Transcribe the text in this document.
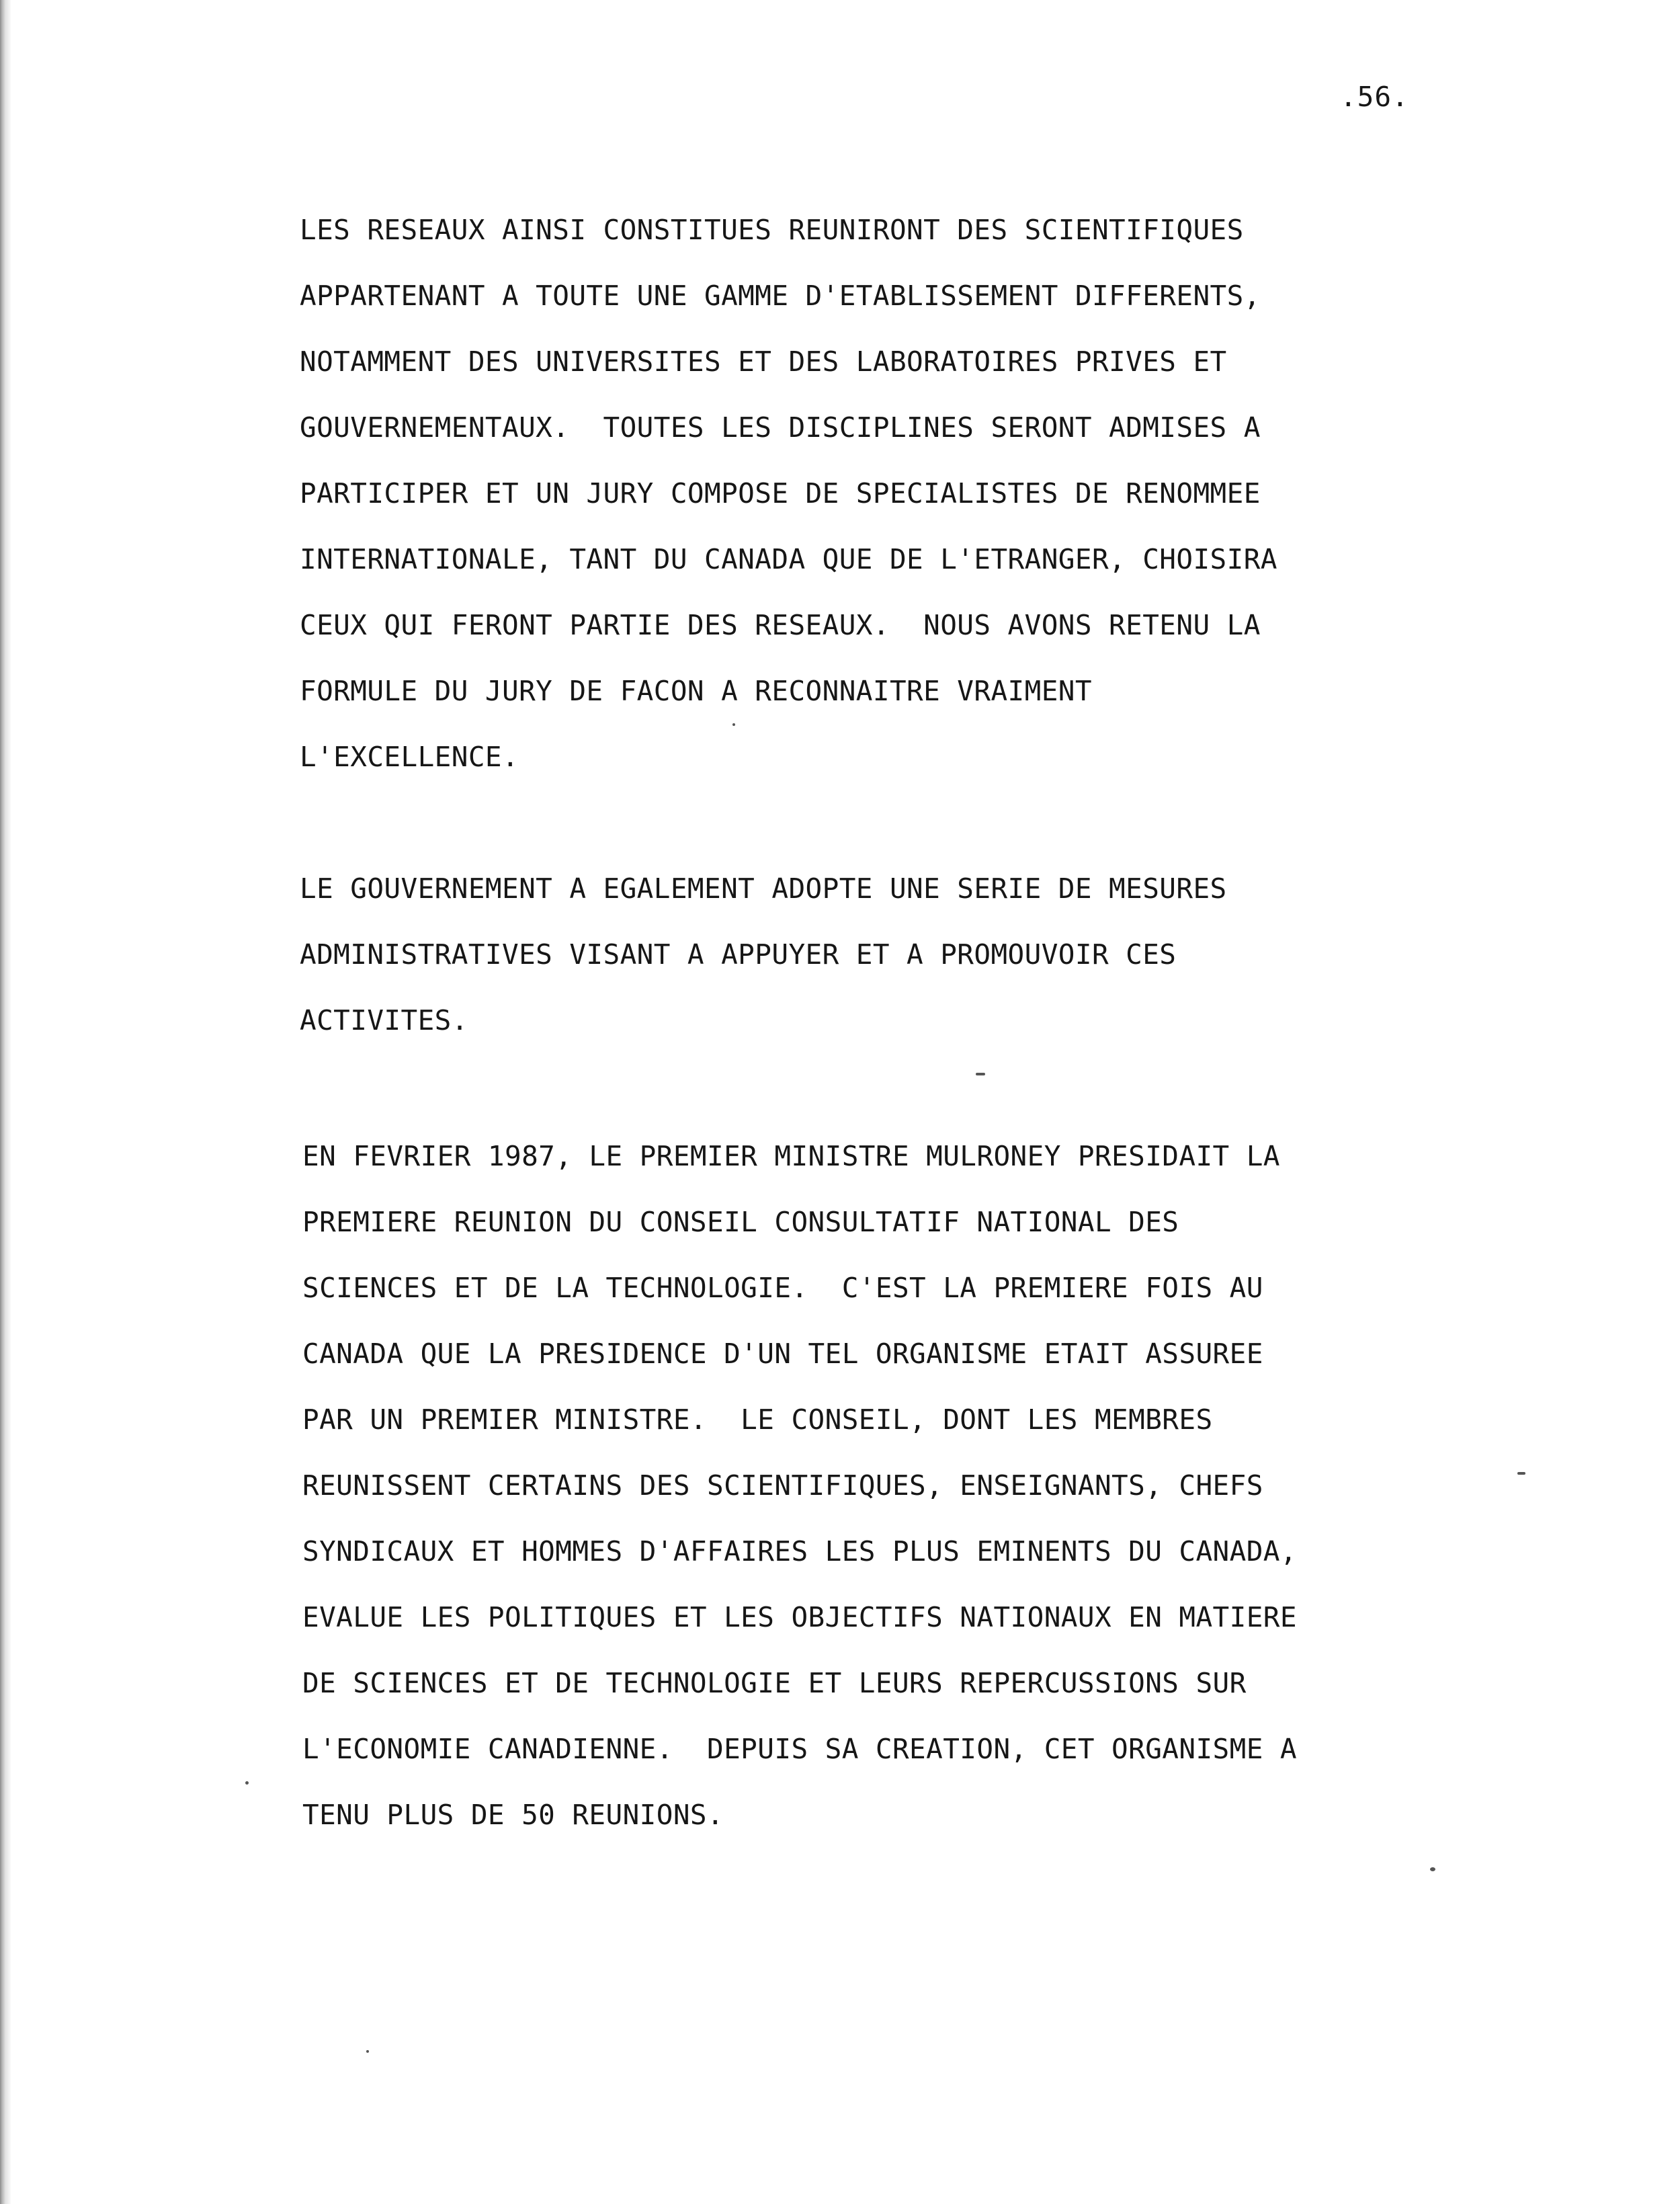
.56.
LES RESEAUX AINSI CONSTITUES REUNIRONT DES SCIENTIFIQUES
APPARTENANT A TOUTE UNE GAMME D'ETABLISSEMENT DIFFERENTS,
NOTAMMENT DES UNIVERSITES ET DES LABORATOIRES PRIVES ET
GOUVERNEMENTAUX.  TOUTES LES DISCIPLINES SERONT ADMISES A
PARTICIPER ET UN JURY COMPOSE DE SPECIALISTES DE RENOMMEE
INTERNATIONALE, TANT DU CANADA QUE DE L'ETRANGER, CHOISIRA
CEUX QUI FERONT PARTIE DES RESEAUX.  NOUS AVONS RETENU LA
FORMULE DU JURY DE FACON A RECONNAITRE VRAIMENT
L'EXCELLENCE.
LE GOUVERNEMENT A EGALEMENT ADOPTE UNE SERIE DE MESURES
ADMINISTRATIVES VISANT A APPUYER ET A PROMOUVOIR CES
ACTIVITES.
EN FEVRIER 1987, LE PREMIER MINISTRE MULRONEY PRESIDAIT LA
PREMIERE REUNION DU CONSEIL CONSULTATIF NATIONAL DES
SCIENCES ET DE LA TECHNOLOGIE.  C'EST LA PREMIERE FOIS AU
CANADA QUE LA PRESIDENCE D'UN TEL ORGANISME ETAIT ASSUREE
PAR UN PREMIER MINISTRE.  LE CONSEIL, DONT LES MEMBRES
REUNISSENT CERTAINS DES SCIENTIFIQUES, ENSEIGNANTS, CHEFS
SYNDICAUX ET HOMMES D'AFFAIRES LES PLUS EMINENTS DU CANADA,
EVALUE LES POLITIQUES ET LES OBJECTIFS NATIONAUX EN MATIERE
DE SCIENCES ET DE TECHNOLOGIE ET LEURS REPERCUSSIONS SUR
L'ECONOMIE CANADIENNE.  DEPUIS SA CREATION, CET ORGANISME A
TENU PLUS DE 50 REUNIONS.
